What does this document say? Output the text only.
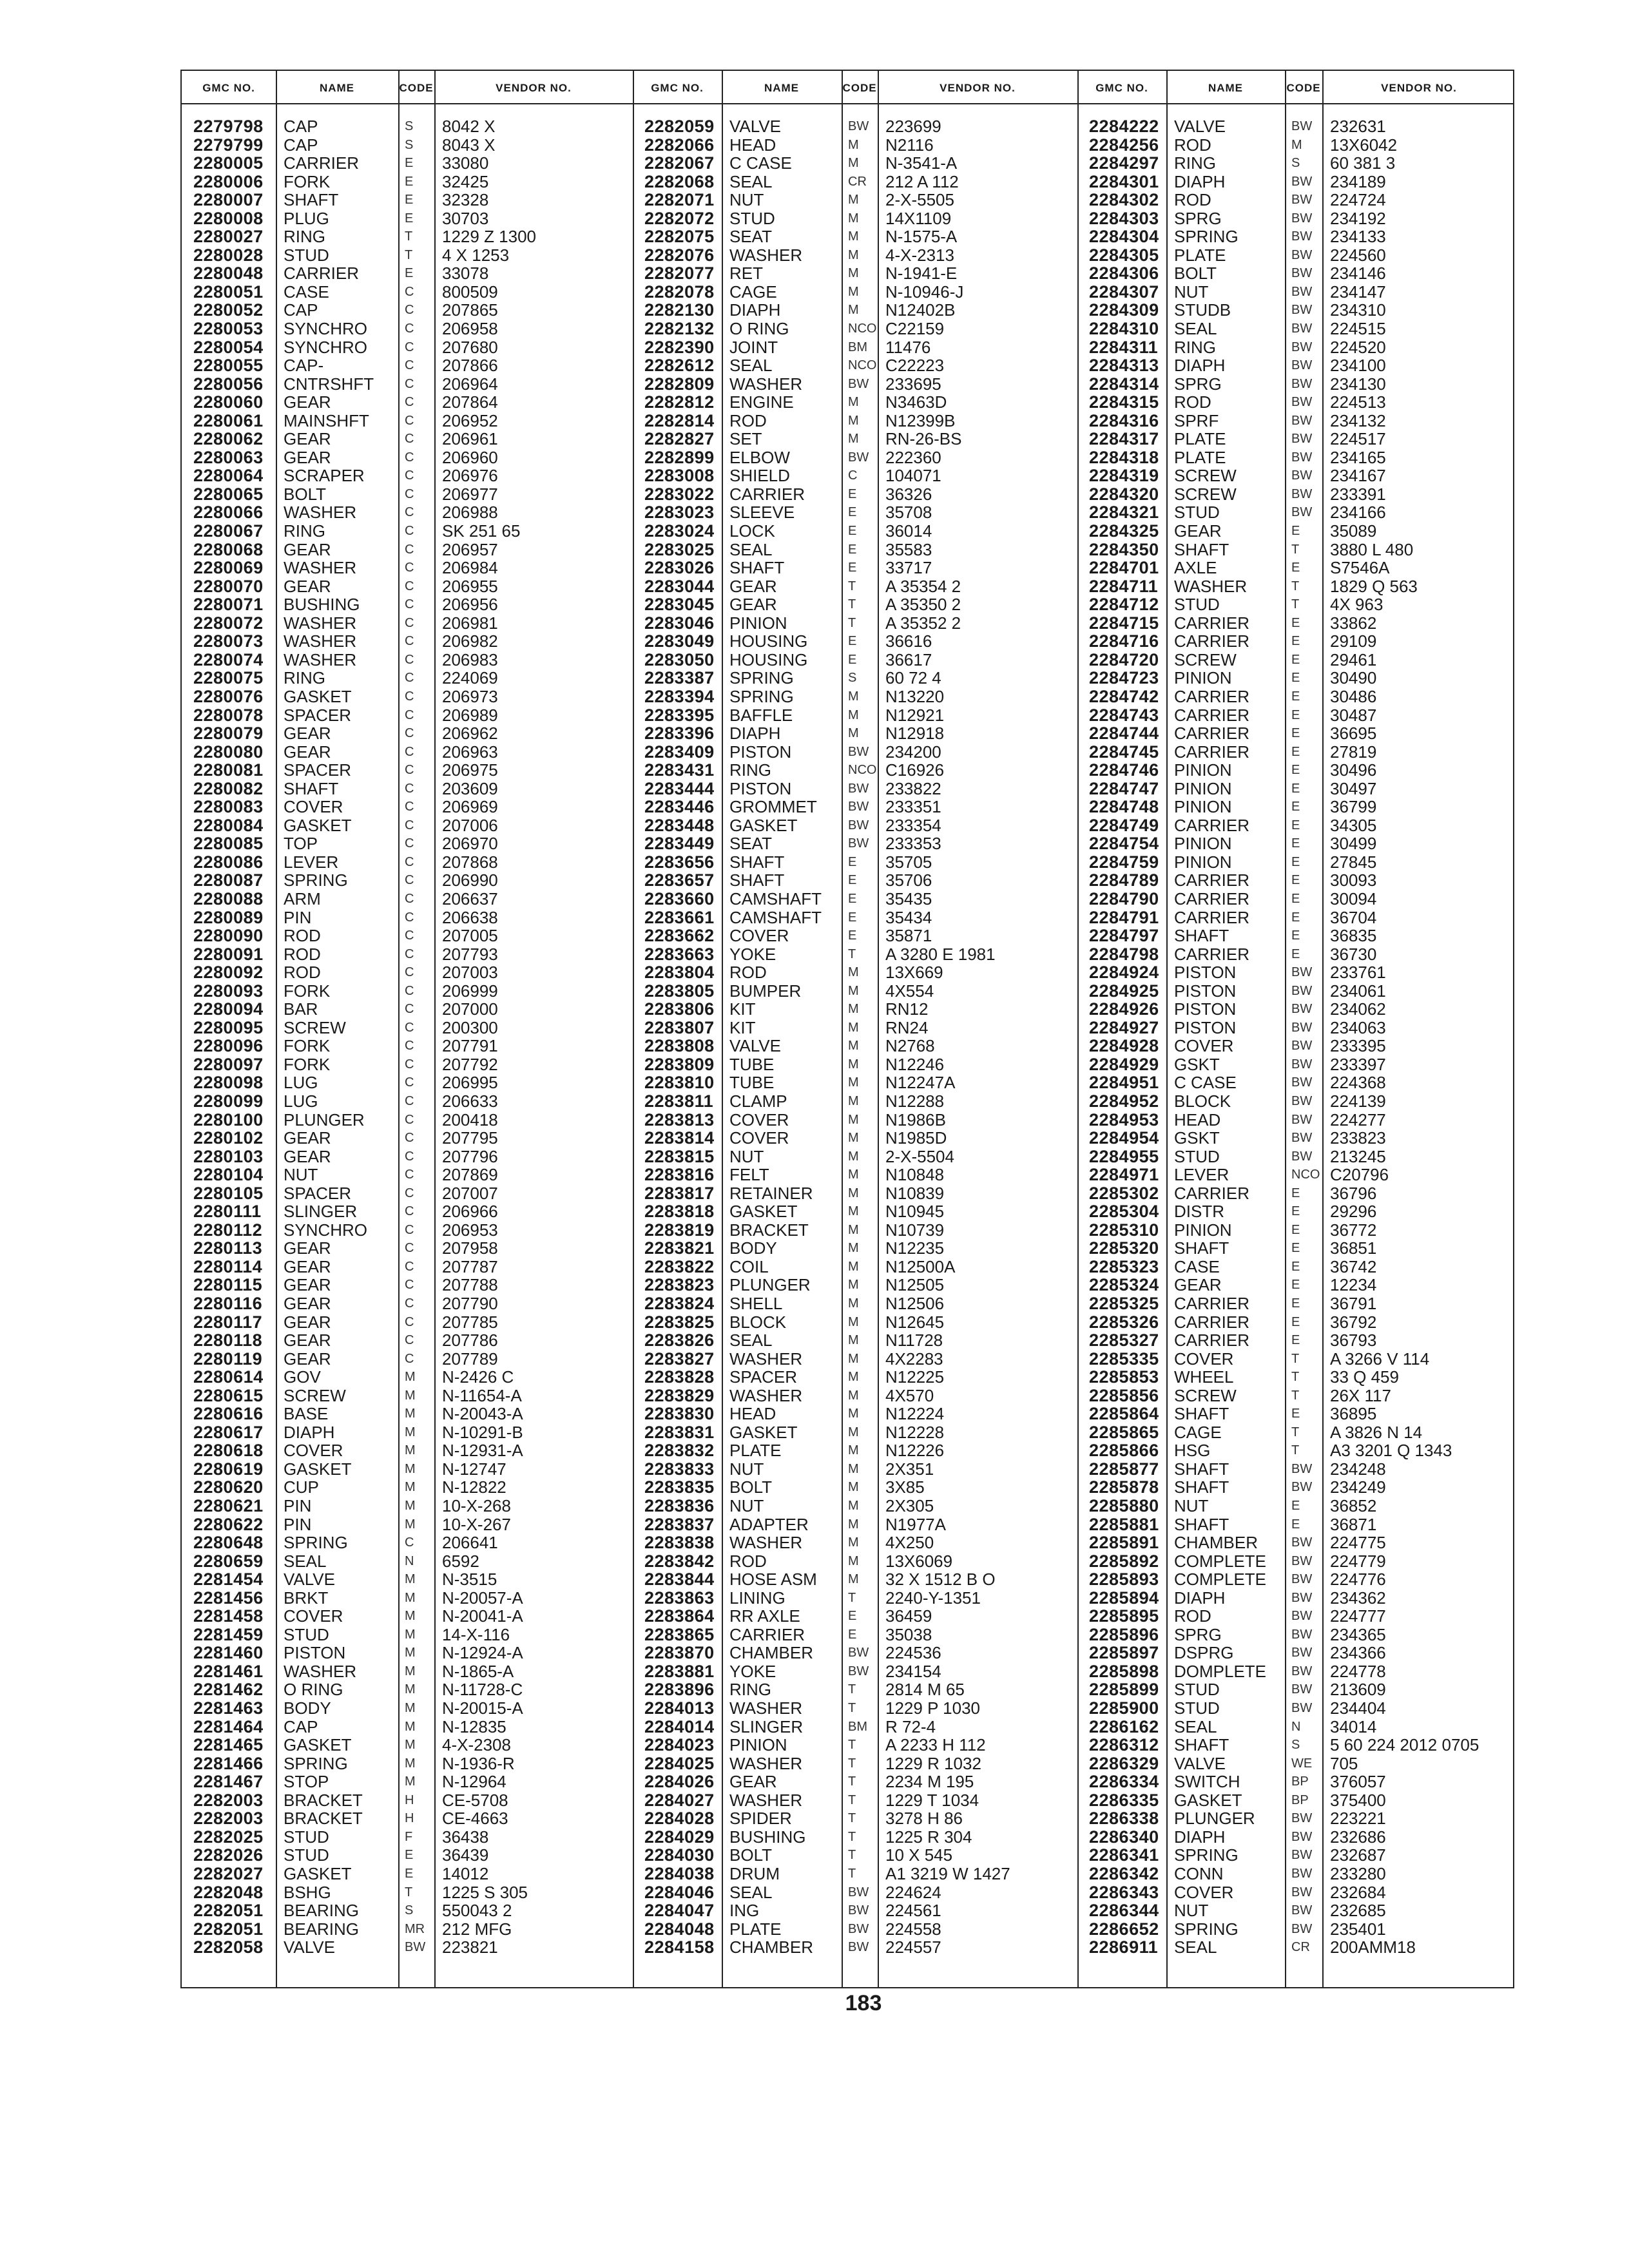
2279798 CAP	S 8042 X
2279799 CAP	S 8043 X
2280005 CARRIER	E 33080
2280006 FORK	E 32425
2280007 SHAFT	E 32328
2280008 PLUG	E 30703
2280027 RING	T 1229 Z 1300
2280028 STUD	T 4 X 1253
2280048 CARRIER	E 33078
2280051 CASE	C 800509
2280052 CAP	C 207865
2280053 SYNCHRO	C 206958
2280054 SYNCHRO	C 207680
2280055 CAP-	C 207866
2280056 CNTRSHFT C 206964
2280060 GEAR	C 207864
2280061 MAINSHFT	C 206952
2280062 GEAR	C 206961
2280063 GEAR	C 206960
2280064 SCRAPER	C 206976
2280065 BOLT	C 206977
2280066 WASHER	C 206988
2280067 RING	C SK 251 65
2280068 GEAR	C 206957
2280069 WASHER	C 206984
2280070 GEAR	C 206955
2280071 BUSHING	C 206956
2280072 WASHER	C 206981
2280073 WASHER	C 206982
2280074 WASHER	C 206983
2280075 RING	C 224069
2280076 GASKET	C 206973
2280078 SPACER	C 206989
2280079 GEAR	C 206962
2280080 GEAR	C 206963
2280081 SPACER	C 206975
2280082 SHAFT	C 203609
2280083 COVER	C 206969
2280084 GASKET	C 207006
2280085 TOP	C 206970
2280086 LEVER	C 207868
2280087 SPRING	C 206990
2280088 ARM	C 206637
2280089 PIN	C 206638
2280090 ROD	C 207005
2280091 ROD	C 207793
2280092 ROD	C 207003
2280093 FORK	C 206999
2280094 BAR	C 207000
2280095 SCREW	C 200300
2280096 FORK	C 207791
2280097 FORK	C 207792
2280098 LUG	C 206995
2280099 LUG	C 206633
2280100 PLUNGER	C 200418
2280102 GEAR	C 207795
2280103 GEAR	C 207796
2280104 NUT	C 207869
2280105 SPACER	C 207007
2280111 SLINGER	C 206966
2280112 SYNCHRO	C 206953
2280113 GEAR	C 207958
2280114 GEAR	C 207787
2280115 GEAR	C 207788
2280116 GEAR	C 207790
2280117 GEAR	C 207785
2280118 GEAR	C 207786
2280119 GEAR	C 207789
2280614 GOV	M N-2426 C
2280615 SCREW	M N-11654-A
2280616 BASE	M N-20043-A
2280617 DIAPH	M N-10291-B
2280618 COVER	M N-12931-A
2280619 GASKET	M N-12747
2280620 CUP	M N-12822
2280621 PIN	M 10-X-268
2280622 PIN	M 10-X-267
2280648 SPRING	C 206641
2280659 SEAL	N 6592
2281454 VALVE	M N-3515
2281456 BRKT	M N-20057-A
2281458 COVER	M N-20041-A
2281459 STUD	M 14-X-116
2281460 PISTON	M N-12924-A
2281461 WASHER	M N-1865-A
2281462 O RING	M N-11728-C
2281463 BODY	M N-20015-A
2281464 CAP	M N-12835
2281465 GASKET	M 4-X-2308
2281466 SPRING	M N-1936-R
2281467 STOP	M N-12964
2282003 BRACKET	H CE-5708
2282003 BRACKET	H CE-4663
2282025 STUD	F 36438
2282026 STUD	E 36439
2282027 GASKET	E 14012
2282048 BSHG	T 1225 S 305
2282051 BEARING	S 550043 2
2282051 BEARING	MR 212 MFG
2282058 VALVE	BW 223821
2282059 VALVE	BW 223699
2282066 HEAD	M N2116
2282067 C CASE	M N-3541-A
2282068 SEAL	CR 212 A 112
2282071 NUT	M 2-X-5505
2282072 STUD	M 14X1109
2282075 SEAT	M N-1575-A
2282076 WASHER	M 4-X-2313
2282077 RET	M N-1941-E
2282078 CAGE	M N-10946-J
2282130 DIAPH	M N12402B
2282132 O RING	NCO C22159
2282390 JOINT	BM 11476
2282612 SEAL	NCO C22223
2282809 WASHER	BW 233695
2282812 ENGINE	M N3463D
2282814 ROD	M N12399B
2282827 SET	M RN-26-BS
2282899 ELBOW	BW 222360
2283008 SHIELD	C 104071
2283022 CARRIER	E 36326
2283023 SLEEVE	E 35708
2283024 LOCK	E 36014
2283025 SEAL	E 35583
2283026 SHAFT	E 33717
2283044 GEAR	T A 35354 2
2283045 GEAR	T A 35350 2
2283046 PINION	T A 35352 2
2283049 HOUSING	E 36616
2283050 HOUSING	E 36617
2283387 SPRING	S 60 72 4
2283394 SPRING	M N13220
2283395 BAFFLE	M N12921
2283396 DIAPH	M N12918
2283409 PISTON	BW 234200
2283431 RING	NCO C16926
2283444 PISTON	BW 233822
2283446 GROMMET BW 233351
2283448 GASKET	BW 233354
2283449 SEAT	BW 233353
2283656 SHAFT	E 35705
2283657 SHAFT	E 35706
2283660 CAMSHAFT E 35435
2283661 CAMSHAFT E 35434
2283662 COVER	E 35871
2283663 YOKE	T A 3280 E 1981
2283804 ROD	M 13X669
2283805 BUMPER	M 4X554
2283806 KIT	M RN12
2283807 KIT	M RN24
2283808 VALVE	M N2768
2283809 TUBE	M N12246
2283810 TUBE	M N12247A
2283811 CLAMP	M N12288
2283813 COVER	M N1986B
2283814 COVER	M N1985D
2283815 NUT	M 2-X-5504
2283816 FELT	M N10848
2283817 RETAINER	M N10839
2283818 GASKET	M N10945
2283819 BRACKET	M N10739
2283821 BODY	M N12235
2283822 COIL	M N12500A
2283823 PLUNGER	M N12505
2283824 SHELL	M N12506
2283825 BLOCK	M N12645
2283826 SEAL	M N11728
2283827 WASHER	M 4X2283
2283828 SPACER	M N12225
2283829 WASHER	M 4X570
2283830 HEAD	M N12224
2283831 GASKET	M N12228
2283832 PLATE	M N12226
2283833 NUT	M 2X351
2283835 BOLT	M 3X85
2283836 NUT	M 2X305
2283837 ADAPTER	M N1977A
2283838 WASHER	M 4X250
2283842 ROD	M 13X6069
2283844 HOSE ASM M 32 X 1512 B O
2283863 LINING	T 2240-Y-1351
2283864 RR AXLE	E 36459
2283865 CARRIER	E 35038
2283870 CHAMBER	BW 224536
2283881 YOKE	BW 234154
2283896 RING	T 2814 M 65
2284013 WASHER	T 1229 P 1030
2284014 SLINGER	BM R 72-4
2284023 PINION	T A 2233 H 112
2284025 WASHER	T 1229 R 1032
2284026 GEAR	T 2234 M 195
2284027 WASHER	T 1229 T 1034
2284028 SPIDER	T 3278 H 86
2284029 BUSHING	T 1225 R 304
2284030 BOLT	T 10 X 545
2284038 DRUM	T A1 3219 W 1427
2284046 SEAL	BW 224624
2284047 ING	BW 224561
2284048 PLATE	BW 224558
2284158 CHAMBER	BW 224557
2284222 VALVE	BW 232631
2284256 ROD	M 13X6042
2284297 RING	S 60 381 3
2284301 DIAPH	BW 234189
2284302 ROD	BW 224724
2284303 SPRG	BW 234192
2284304 SPRING	BW 234133
2284305 PLATE	BW 224560
2284306 BOLT	BW 234146
2284307 NUT	BW 234147
2284309 STUDB	BW 234310
2284310 SEAL	BW 224515
2284311 RING	BW 224520
2284313 DIAPH	BW 234100
2284314 SPRG	BW 234130
2284315 ROD	BW 224513
2284316 SPRF	BW 234132
2284317 PLATE	BW 224517
2284318 PLATE	BW 234165
2284319 SCREW	BW 234167
2284320 SCREW	BW 233391
2284321 STUD	BW 234166
2284325 GEAR	E 35089
2284350 SHAFT	T 3880 L 480
2284701 AXLE	E S7546A
2284711 WASHER	T 1829 Q 563
2284712 STUD	T 4X 963
2284715 CARRIER	E 33862
2284716 CARRIER	E 29109
2284720 SCREW	E 29461
2284723 PINION	E 30490
2284742 CARRIER	E 30486
2284743 CARRIER	E 30487
2284744 CARRIER	E 36695
2284745 CARRIER	E 27819
2284746 PINION	E 30496
2284747 PINION	E 30497
2284748 PINION	E 36799
2284749 CARRIER	E 34305
2284754 PINION	E 30499
2284759 PINION	E 27845
2284789 CARRIER	E 30093
2284790 CARRIER	E 30094
2284791 CARRIER	E 36704
2284797 SHAFT	E 36835
2284798 CARRIER	E 36730
2284924 PISTON	BW 233761
2284925 PISTON	BW 234061
2284926 PISTON	BW 234062
2284927 PISTON	BW 234063
2284928 COVER	BW 233395
2284929 GSKT	BW 233397
2284951 C CASE	BW 224368
2284952 BLOCK	BW 224139
2284953 HEAD	BW 224277
2284954 GSKT	BW 233823
2284955 STUD	BW 213245
2284971 LEVER	NCO C20796
2285302 CARRIER	E 36796
2285304 DISTR	E 29296
2285310 PINION	E 36772
2285320 SHAFT	E 36851
2285323 CASE	E 36742
2285324 GEAR	E 12234
2285325 CARRIER	E 36791
2285326 CARRIER	E 36792
2285327 CARRIER	E 36793
2285335 COVER	T A 3266 V 114
2285853 WHEEL	T 33 Q 459
2285856 SCREW	T 26X 117
2285864 SHAFT	E 36895
2285865 CAGE	T A 3826 N 14
2285866 HSG	T A3 3201 Q 1343
2285877 SHAFT	BW 234248
2285878 SHAFT	BW 234249
2285880 NUT	E 36852
2285881 SHAFT	E 36871
2285891 CHAMBER	BW 224775
2285892 COMPLETE BW 224779
2285893 COMPLETE BW 224776
2285894 DIAPH	BW 234362
2285895 ROD	BW 224777
2285896 SPRG	BW 234365
2285897 DSPRG	BW 234366
2285898 DOMPLETE BW 224778
2285899 STUD	BW 213609
2285900 STUD	BW 234404
2286162 SEAL	N 34014
2286312 SHAFT	S 5 60 224 2012 0705
2286329 VALVE	WE 705
2286334 SWITCH	BP 376057
2286335 GASKET	BP 375400
2286338 PLUNGER	BW 223221
2286340 DIAPH	BW 232686
2286341 SPRING	BW 232687
2286342 CONN	BW 233280
2286343 COVER	BW 232684
2286344 NUT	BW 232685
2286652 SPRING	BW 235401
2286911 SEAL	CR 200AMM18
GMC NO.	NAME	CODE	VENDOR NO.	GMC NO.	NAME	CODE	VENDOR NO.	GMC NO.	NAME	CODE	VENDOR NO.
183
